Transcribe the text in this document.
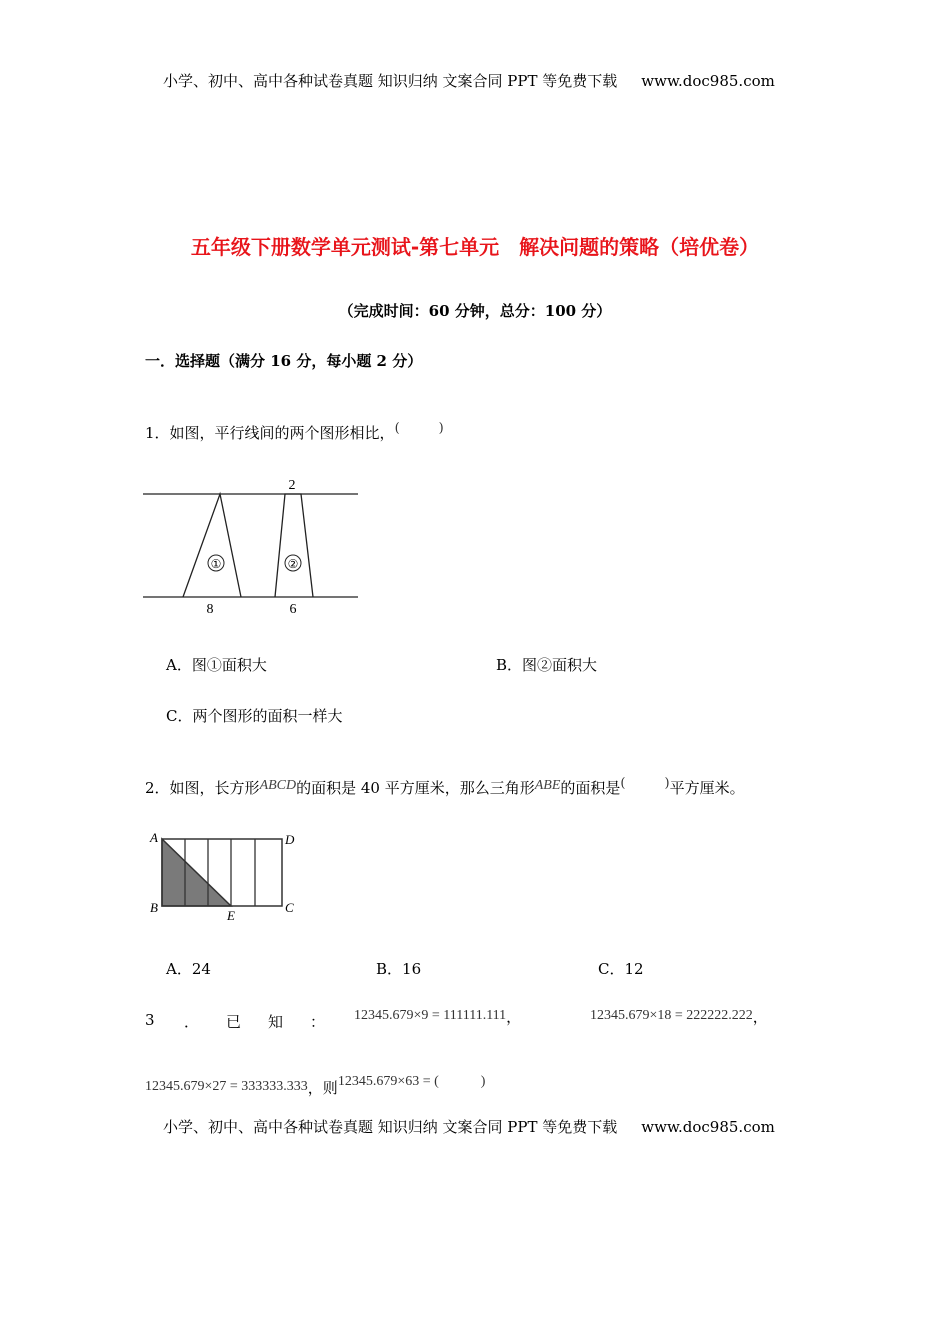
小学、初中、高中各种试卷真题 知识归纳 文案合同 PPT 等免费下载 www.doc985.com
五年级下册数学单元测试-第七单元　解决问题的策略（培优卷）
（完成时间：60 分钟，总分：100 分）
一．选择题（满分 16 分，每小题 2 分）
1．如图，平行线间的两个图形相比，(　　　)
①	②
2
8	6
A．图①面积大	B．图②面积大
C．两个图形的面积一样大
2．如图，长方形ABCD的面积是 40 平方厘米，那么三角形ABE的面积是(　　　)平方厘米。
A	D
B	C
E
A．24	B．16	C．12
3 ． 已 知 ： 12345.679×9 = 111111.111，	12345.679×18 = 222222.222，
12345.679×27 = 333333.333，则12345.679×63 = (　　　)
小学、初中、高中各种试卷真题 知识归纳 文案合同 PPT 等免费下载 www.doc985.com
